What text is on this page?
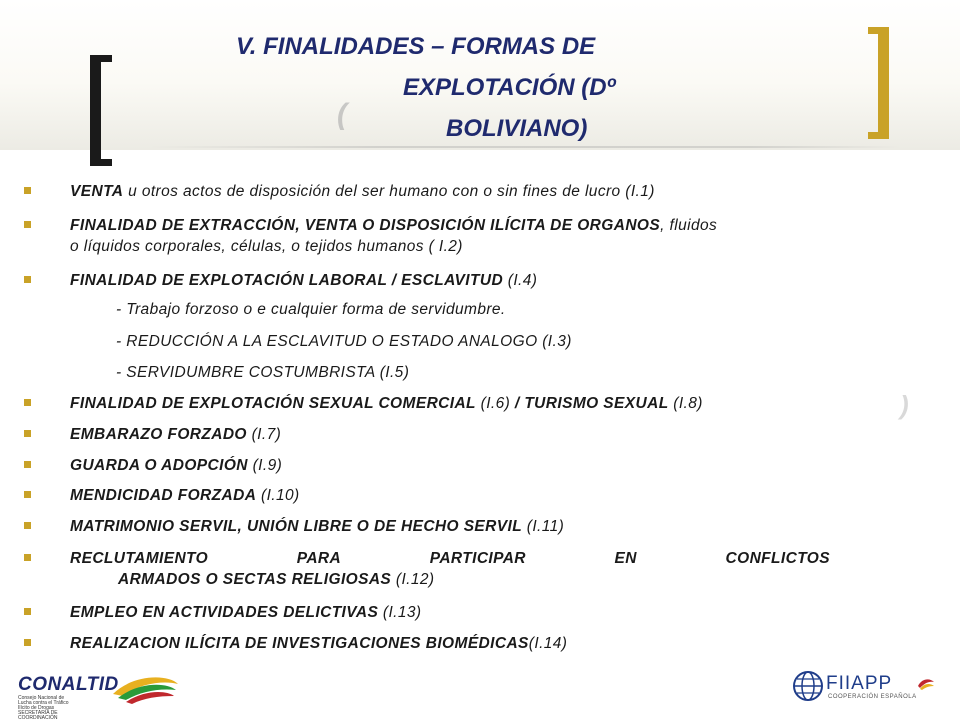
(
V. FINALIDADES – FORMAS DE
EXPLOTACIÓN (Dº
BOLIVIANO)
VENTA u otros actos de disposición del ser humano con o sin fines de lucro (I.1)
FINALIDAD DE EXTRACCIÓN, VENTA O DISPOSICIÓN ILÍCITA DE ORGANOS, fluidos
o líquidos corporales, células, o tejidos humanos ( I.2)
FINALIDAD DE EXPLOTACIÓN LABORAL / ESCLAVITUD (I.4)
- Trabajo forzoso o e cualquier forma de servidumbre.
- REDUCCIÓN A LA ESCLAVITUD O ESTADO ANALOGO (I.3)
- SERVIDUMBRE COSTUMBRISTA (I.5)
FINALIDAD DE EXPLOTACIÓN SEXUAL COMERCIAL (I.6) / TURISMO SEXUAL (I.8)
EMBARAZO FORZADO (I.7)
GUARDA O ADOPCIÓN (I.9)
MENDICIDAD FORZADA (I.10)
MATRIMONIO SERVIL, UNIÓN LIBRE O DE HECHO SERVIL (I.11)
RECLUTAMIENTO	PARA	PARTICIPAR	EN	CONFLICTOS
ARMADOS O SECTAS RELIGIOSAS (I.12)
EMPLEO EN ACTIVIDADES DELICTIVAS (I.13)
REALIZACION ILÍCITA DE INVESTIGACIONES BIOMÉDICAS(I.14)
)
CONALTID
Consejo Nacional de Lucha contra el Tráfico Ilícito de Drogas SECRETARÍA DE COORDINACIÓN
FIIAPP
COOPERACIÓN ESPAÑOLA
